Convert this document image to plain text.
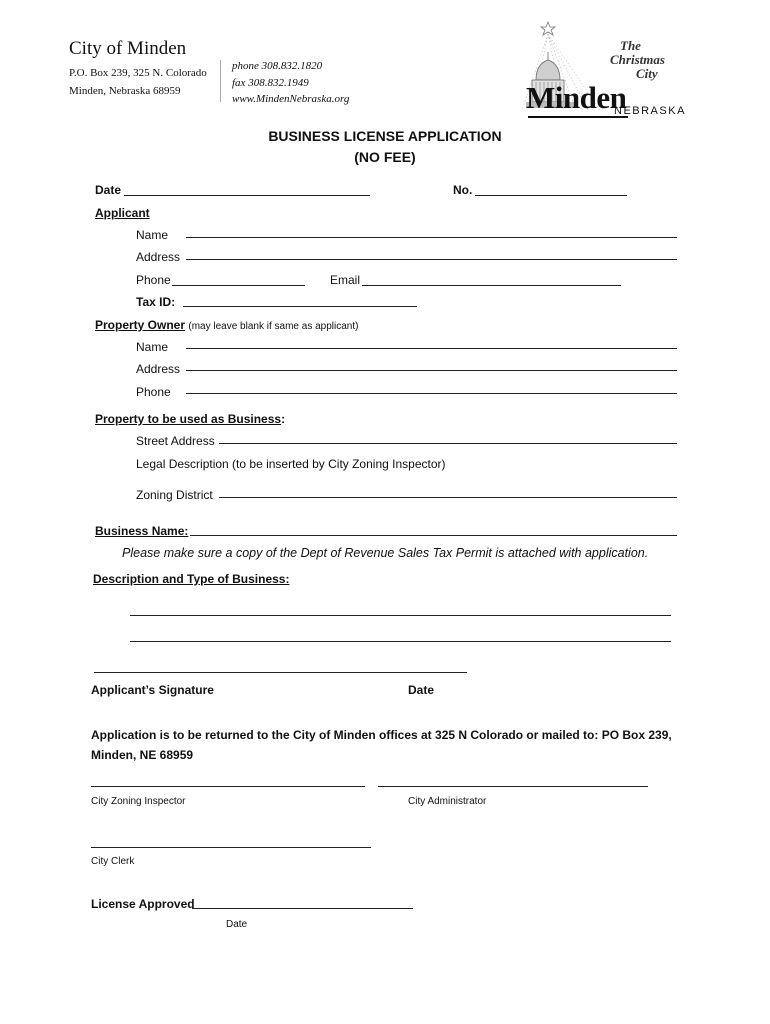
City of Minden
P.O. Box 239, 325 N. Colorado
Minden, Nebraska 68959
phone 308.832.1820
fax 308.832.1949
www.MindenNebraska.org
The
Christmas
City
Minden
NEBRASKA
BUSINESS LICENSE APPLICATION
(NO FEE)
Date	No.
Applicant
Name
Address
Phone	Email
Tax ID:
Property Owner (may leave blank if same as applicant)
Name
Address
Phone
Property to be used as Business:
Street Address
Legal Description (to be inserted by City Zoning Inspector)
Zoning District
Business Name:
Please make sure a copy of the Dept of Revenue Sales Tax Permit is attached with application.
Description and Type of Business:
Applicant’s Signature	Date
Application is to be returned to the City of Minden offices at 325 N Colorado or mailed to: PO Box 239,
Minden, NE 68959
City Zoning Inspector	City Administrator
City Clerk
License Approved
Date
